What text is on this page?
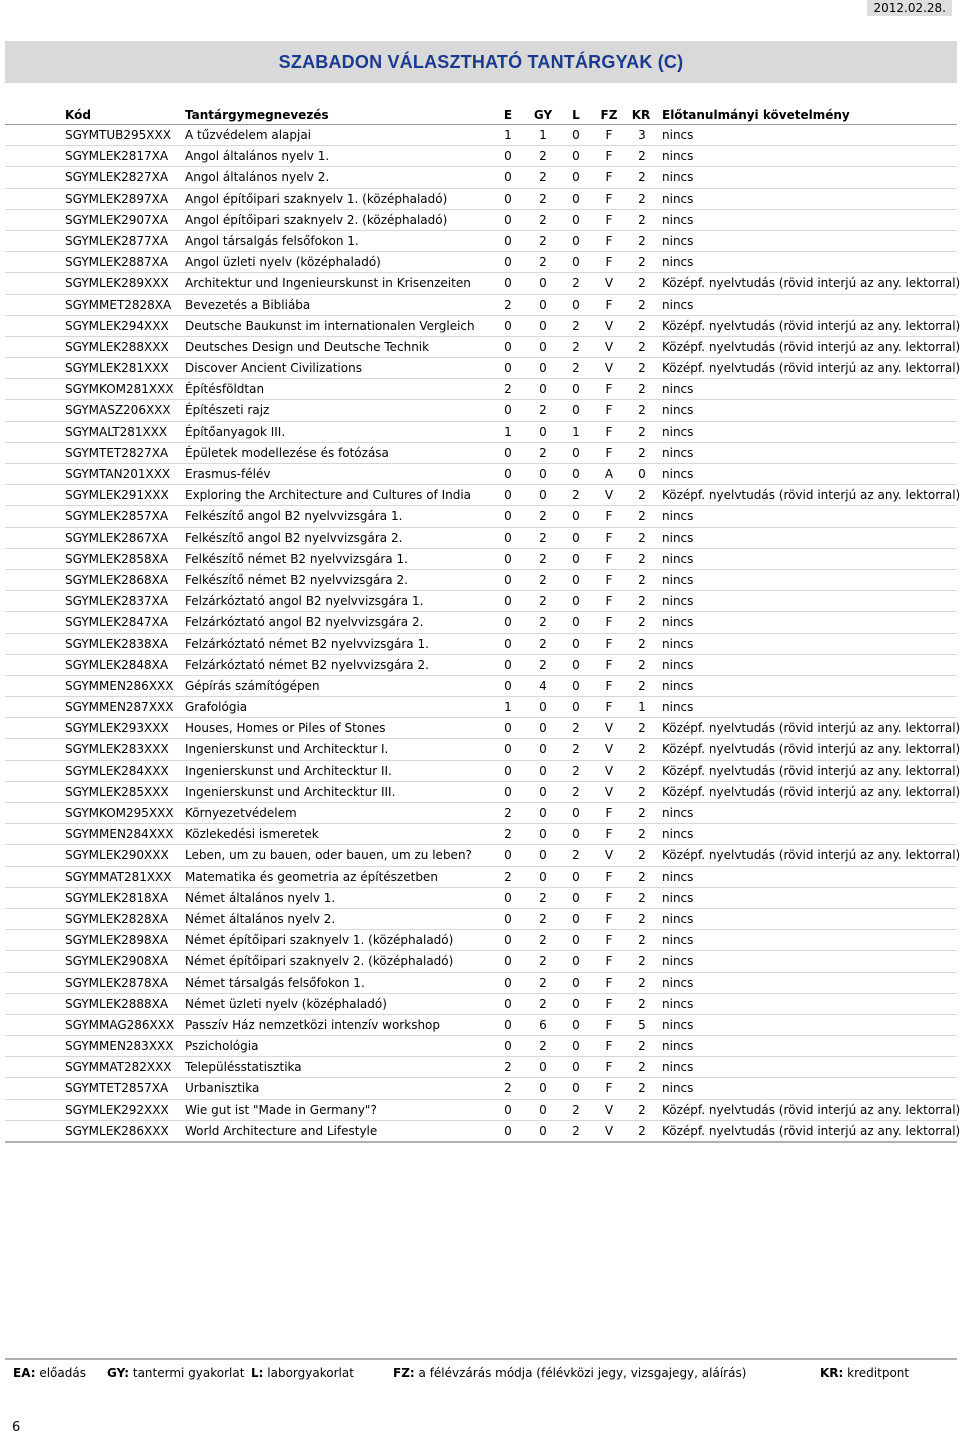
2012.02.28.
SZABADON VÁLASZTHATÓ TANTÁRGYAK (C)
Kód	Tantárgymegnevezés	E GY L FZ KR Előtanulmányi követelmény
SGYMTUB295XXX A tűzvédelem alapjai	1 1 0 F 3 nincs
SGYMLEK2817XA Angol általános nyelv 1.	0 2 0 F 2 nincs
SGYMLEK2827XA Angol általános nyelv 2.	0 2 0 F 2 nincs
SGYMLEK2897XA Angol építőipari szaknyelv 1. (középhaladó)	0 2 0 F 2 nincs
SGYMLEK2907XA Angol építőipari szaknyelv 2. (középhaladó)	0 2 0 F 2 nincs
SGYMLEK2877XA Angol társalgás felsőfokon 1.	0 2 0 F 2 nincs
SGYMLEK2887XA Angol üzleti nyelv (középhaladó)	0 2 0 F 2 nincs
SGYMLEK289XXX Architektur und Ingenieurskunst in Krisenzeiten	0 0 2 V 2 Középf. nyelvtudás (rövid interjú az any. lektorral)
SGYMMET2828XA Bevezetés a Bibliába	2 0 0 F 2 nincs
SGYMLEK294XXX Deutsche Baukunst im internationalen Vergleich 0 0 2 V 2 Középf. nyelvtudás (rövid interjú az any. lektorral)
SGYMLEK288XXX Deutsches Design und Deutsche Technik	0 0 2 V 2 Középf. nyelvtudás (rövid interjú az any. lektorral)
SGYMLEK281XXX Discover Ancient Civilizations	0 0 2 V 2 Középf. nyelvtudás (rövid interjú az any. lektorral)
SGYMKOM281XXX Építésföldtan	2 0 0 F 2 nincs
SGYMASZ206XXX Építészeti rajz	0 2 0 F 2 nincs
SGYMALT281XXX Építőanyagok III.	1 0 1 F 2 nincs
SGYMTET2827XA Épületek modellezése és fotózása	0 2 0 F 2 nincs
SGYMTAN201XXX Erasmus-félév	0 0 0 A 0 nincs
SGYMLEK291XXX Exploring the Architecture and Cultures of India	0 0 2 V 2 Középf. nyelvtudás (rövid interjú az any. lektorral)
SGYMLEK2857XA Felkészítő angol B2 nyelvvizsgára 1.	0 2 0 F 2 nincs
SGYMLEK2867XA Felkészítő angol B2 nyelvvizsgára 2.	0 2 0 F 2 nincs
SGYMLEK2858XA Felkészítő német B2 nyelvvizsgára 1.	0 2 0 F 2 nincs
SGYMLEK2868XA Felkészítő német B2 nyelvvizsgára 2.	0 2 0 F 2 nincs
SGYMLEK2837XA Felzárkóztató angol B2 nyelvvizsgára 1.	0 2 0 F 2 nincs
SGYMLEK2847XA Felzárkóztató angol B2 nyelvvizsgára 2.	0 2 0 F 2 nincs
SGYMLEK2838XA Felzárkóztató német B2 nyelvvizsgára 1.	0 2 0 F 2 nincs
SGYMLEK2848XA Felzárkóztató német B2 nyelvvizsgára 2.	0 2 0 F 2 nincs
SGYMMEN286XXX Gépírás számítógépen	0 4 0 F 2 nincs
SGYMMEN287XXX Grafológia	1 0 0 F 1 nincs
SGYMLEK293XXX Houses, Homes or Piles of Stones	0 0 2 V 2 Középf. nyelvtudás (rövid interjú az any. lektorral)
SGYMLEK283XXX Ingenierskunst und Architecktur I.	0 0 2 V 2 Középf. nyelvtudás (rövid interjú az any. lektorral)
SGYMLEK284XXX Ingenierskunst und Architecktur II.	0 0 2 V 2 Középf. nyelvtudás (rövid interjú az any. lektorral)
SGYMLEK285XXX Ingenierskunst und Architecktur III.	0 0 2 V 2 Középf. nyelvtudás (rövid interjú az any. lektorral)
SGYMKOM295XXX Környezetvédelem	2 0 0 F 2 nincs
SGYMMEN284XXX Közlekedési ismeretek	2 0 0 F 2 nincs
SGYMLEK290XXX Leben, um zu bauen, oder bauen, um zu leben?	0 0 2 V 2 Középf. nyelvtudás (rövid interjú az any. lektorral)
SGYMMAT281XXX Matematika és geometria az építészetben	2 0 0 F 2 nincs
SGYMLEK2818XA Német általános nyelv 1.	0 2 0 F 2 nincs
SGYMLEK2828XA Német általános nyelv 2.	0 2 0 F 2 nincs
SGYMLEK2898XA Német építőipari szaknyelv 1. (középhaladó)	0 2 0 F 2 nincs
SGYMLEK2908XA Német építőipari szaknyelv 2. (középhaladó)	0 2 0 F 2 nincs
SGYMLEK2878XA Német társalgás felsőfokon 1.	0 2 0 F 2 nincs
SGYMLEK2888XA Német üzleti nyelv (középhaladó)	0 2 0 F 2 nincs
SGYMMAG286XXX Passzív Ház nemzetközi intenzív workshop	0 6 0 F 5 nincs
SGYMMEN283XXX Pszichológia	0 2 0 F 2 nincs
SGYMMAT282XXX Településstatisztika	2 0 0 F 2 nincs
SGYMTET2857XA Urbanisztika	2 0 0 F 2 nincs
SGYMLEK292XXX Wie gut ist "Made in Germany"?	0 0 2 V 2 Középf. nyelvtudás (rövid interjú az any. lektorral)
SGYMLEK286XXX World Architecture and Lifestyle	0 0 2 V 2 Középf. nyelvtudás (rövid interjú az any. lektorral)
EA: előadás GY: tantermi gyakorlat L: laborgyakorlat	FZ: a félévzárás módja (félévközi jegy, vizsgajegy, aláírás)	KR: kreditpont
6
